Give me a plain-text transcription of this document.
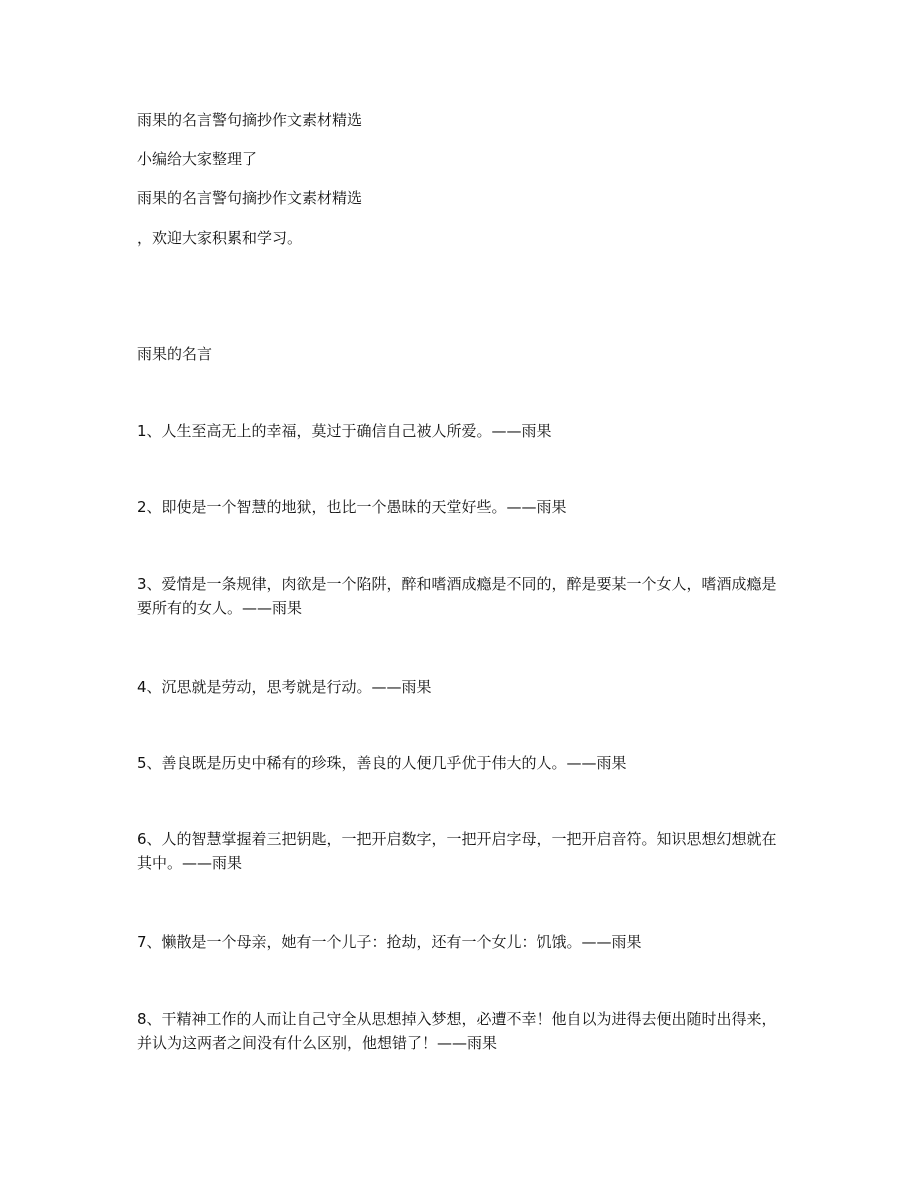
雨果的名言警句摘抄作文素材精选

小编给大家整理了

雨果的名言警句摘抄作文素材精选

，欢迎大家积累和学习。

雨果的名言

1、人生至高无上的幸福，莫过于确信自己被人所爱。——雨果

2、即使是一个智慧的地狱，也比一个愚昧的天堂好些。——雨果

3、爱情是一条规律，肉欲是一个陷阱，醉和嗜酒成瘾是不同的，醉是要某一个女人，嗜酒成瘾是要所有的女人。——雨果

4、沉思就是劳动，思考就是行动。——雨果

5、善良既是历史中稀有的珍珠，善良的人便几乎优于伟大的人。——雨果

6、人的智慧掌握着三把钥匙，一把开启数字，一把开启字母，一把开启音符。知识思想幻想就在其中。——雨果

7、懒散是一个母亲，她有一个儿子：抢劫，还有一个女儿：饥饿。——雨果

8、干精神工作的人而让自己守全从思想掉入梦想，必遭不幸！他自以为进得去便出随时出得来，并认为这两者之间没有什么区别，他想错了！——雨果
